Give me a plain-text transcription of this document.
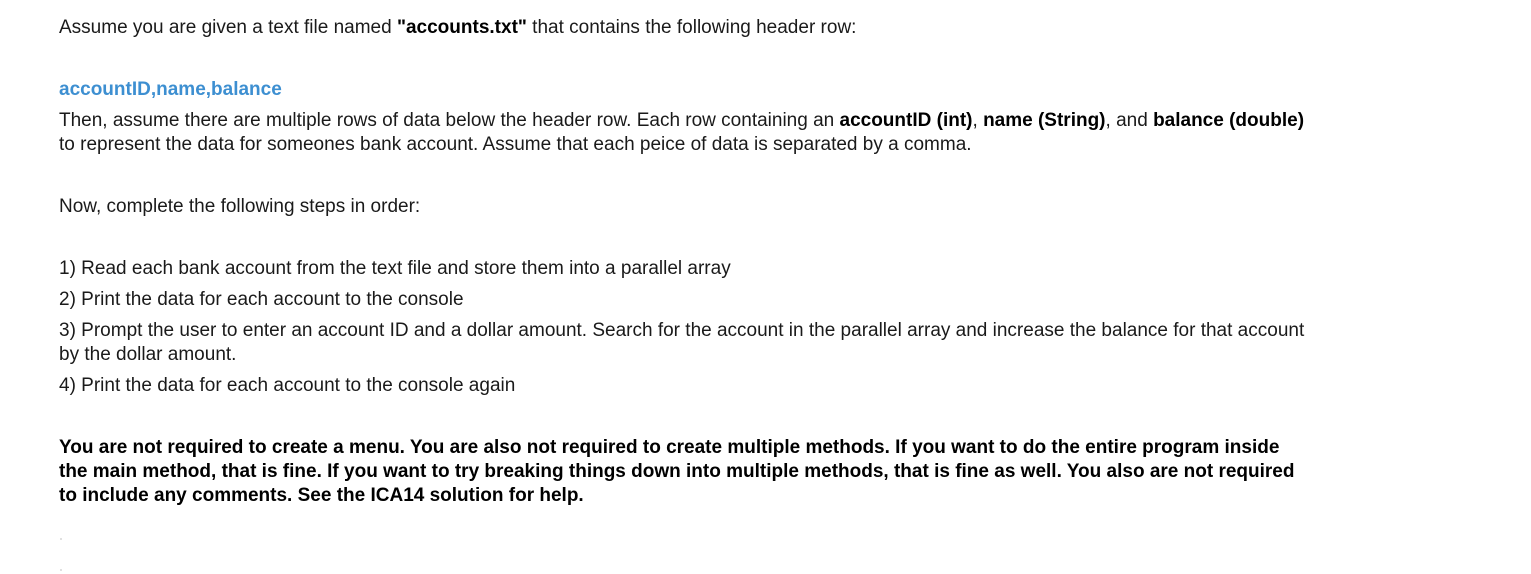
Assume you are given a text file named "accounts.txt" that contains the following header row:

accountID,name,balance

Then, assume there are multiple rows of data below the header row. Each row containing an accountID (int), name (String), and balance (double) to represent the data for someones bank account. Assume that each peice of data is separated by a comma.

Now, complete the following steps in order:

1) Read each bank account from the text file and store them into a parallel array

2) Print the data for each account to the console

3) Prompt the user to enter an account ID and a dollar amount. Search for the account in the parallel array and increase the balance for that account by the dollar amount.

4) Print the data for each account to the console again

You are not required to create a menu. You are also not required to create multiple methods. If you want to do the entire program inside the main method, that is fine. If you want to try breaking things down into multiple methods, that is fine as well. You also are not required to include any comments. See the ICA14 solution for help.
